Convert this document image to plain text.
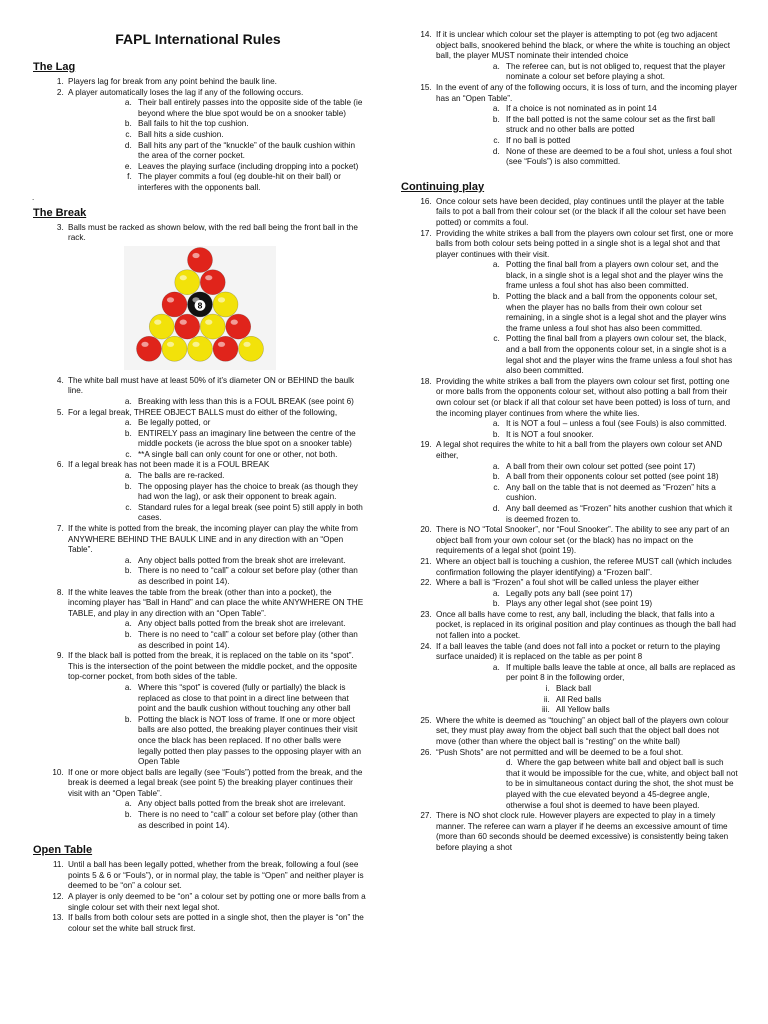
FAPL International Rules
The Lag
1. Players lag for break from any point behind the baulk line.
2. A player automatically loses the lag if any of the following occurs.
a. Their ball entirely passes into the opposite side of the table (ie beyond where the blue spot would be on a snooker table)
b. Ball fails to hit the top cushion.
c. Ball hits a side cushion.
d. Ball hits any part of the “knuckle” of the baulk cushion within the area of the corner pocket.
e. Leaves the playing surface (including dropping into a pocket)
f. The player commits a foul (eg double-hit on their ball) or interferes with the opponents ball.
.
The Break
3. Balls must be racked as shown below, with the red ball being the front ball in the rack.
8
4. The white ball must have at least 50% of it’s diameter ON or BEHIND the baulk line.
a. Breaking with less than this is a FOUL BREAK (see point 6)
5. For a legal break, THREE OBJECT BALLS must do either of the following,
a. Be legally potted, or
b. ENTIRELY pass an imaginary line between the centre of the middle pockets (ie across the blue spot on a snooker table)
c. **A single ball can only count for one or other, not both.
6. If a legal break has not been made it is a FOUL BREAK
a. The balls are re-racked.
b. The opposing player has the choice to break (as though they had won the lag), or ask their opponent to break again.
c. Standard rules for a legal break (see point 5) still apply in both cases.
7. If the white is potted from the break, the incoming player can play the white from ANYWHERE BEHIND THE BAULK LINE and in any direction with an “Open Table”.
a. Any object balls potted from the break shot are irrelevant.
b. There is no need to “call” a colour set before play (other than as described in point 14).
8. If the white leaves the table from the break (other than into a pocket), the incoming player has “Ball in Hand” and can place the white ANYWHERE ON THE TABLE, and play in any direction with an “Open Table”.
a. Any object balls potted from the break shot are irrelevant.
b. There is no need to “call” a colour set before play (other than as described in point 14).
9. If the black ball is potted from the break, it is replaced on the table on its “spot”. This is the intersection of the point between the middle pocket, and the opposite top-corner pocket, from both sides of the table.
a. Where this “spot” is covered (fully or partially) the black is replaced as close to that point in a direct line between that point and the baulk cushion without touching any other ball
b. Potting the black is NOT loss of frame. If one or more object balls are also potted, the breaking player continues their visit once the black has been replaced. If no other balls were legally potted then play passes to the opposing player with an Open Table
10. If one or more object balls are legally (see “Fouls”) potted from the break, and the break is deemed a legal break (see point 5) the breaking player continues their visit with an “Open Table”.
a. Any object balls potted from the break shot are irrelevant.
b. There is no need to “call” a colour set before play (other than as described in point 14).
Open Table
11. Until a ball has been legally potted, whether from the break, following a foul (see points 5 & 6 or “Fouls”), or in normal play, the table is “Open” and neither player is deemed to be “on” a colour set.
12. A player is only deemed to be “on” a colour set by potting one or more balls from a single colour set with their next legal shot.
13. If balls from both colour sets are potted in a single shot, then the player is “on” the colour set the white ball struck first.
14. If it is unclear which colour set the player is attempting to pot (eg two adjacent object balls, snookered behind the black, or where the white is touching an object ball, the player MUST nominate their intended choice
a. The referee can, but is not obliged to, request that the player nominate a colour set before playing a shot.
15. In the event of any of the following occurs, it is loss of turn, and the incoming player has an “Open Table”.
a. If a choice is not nominated as in point 14
b. If the ball potted is not the same colour set as the first ball struck and no other balls are potted
c. If no ball is potted
d. None of these are deemed to be a foul shot, unless a foul shot (see “Fouls”) is also committed.
Continuing play
16. Once colour sets have been decided, play continues until the player at the table fails to pot a ball from their colour set (or the black if all the colour set have been potted) or commits a foul.
17. Providing the white strikes a ball from the players own colour set first, one or more balls from both colour sets being potted in a single shot is a legal shot and that player continues with their visit.
a. Potting the final ball from a players own colour set, and the black, in a single shot is a legal shot and the player wins the frame unless a foul shot has also been committed.
b. Potting the black and a ball from the opponents colour set, when the player has no balls from their own colour set remaining, in a single shot is a legal shot and the player wins the frame unless a foul shot has also been committed.
c. Potting the final ball from a players own colour set, the black, and a ball from the opponents colour set, in a single shot is a legal shot and the player wins the frame unless a foul shot has also been committed.
18. Providing the white strikes a ball from the players own colour set first, potting one or more balls from the opponents colour set, without also potting a ball from their own colour set (or black if all that colour set have been potted) is loss of turn, and the incoming player continues from where the white lies.
a. It is NOT a foul – unless a foul (see Fouls) is also committed.
b. It is NOT a foul snooker.
19. A legal shot requires the white to hit a ball from the players own colour set AND either,
a. A ball from their own colour set potted (see point 17)
b. A ball from their opponents colour set potted (see point 18)
c. Any ball on the table that is not deemed as “Frozen” hits a cushion.
d. Any ball deemed as “Frozen” hits another cushion that which it is deemed frozen to.
20. There is NO “Total Snooker”, nor “Foul Snooker”. The ability to see any part of an object ball from your own colour set (or the black) has no impact on the requirements of a legal shot (point 19).
21. Where an object ball is touching a cushion, the referee MUST call (which includes confirmation following the player identifying) a “Frozen ball”.
22. Where a ball is “Frozen” a foul shot will be called unless the player either
a. Legally pots any ball (see point 17)
b. Plays any other legal shot (see point 19)
23. Once all balls have come to rest, any ball, including the black, that falls into a pocket, is replaced in its original position and play continues as though the ball had not fallen into a pocket.
24. If a ball leaves the table (and does not fall into a pocket or return to the playing surface unaided) it is replaced on the table as per point 8
a. If multiple balls leave the table at once, all balls are replaced as per point 8 in the following order,
i. Black ball
ii. All Red balls
iii. All Yellow balls
25. Where the white is deemed as “touching” an object ball of the players own colour set, they must play away from the object ball such that the object ball does not move (other than where the object ball is “resting” on the white ball)
26. “Push Shots” are not permitted and will be deemed to be a foul shot.
d. Where the gap between white ball and object ball is such that it would be impossible for the cue, white, and object ball not to be in simultaneous contact during the shot, the shot must be played with the cue elevated beyond a 45-degree angle, otherwise a foul shot is deemed to have been played.
27. There is NO shot clock rule. However players are expected to play in a timely manner. The referee can warn a player if he deems an excessive amount of time (more than 60 seconds should be deemed excessive) is consistently being taken before playing a shot
